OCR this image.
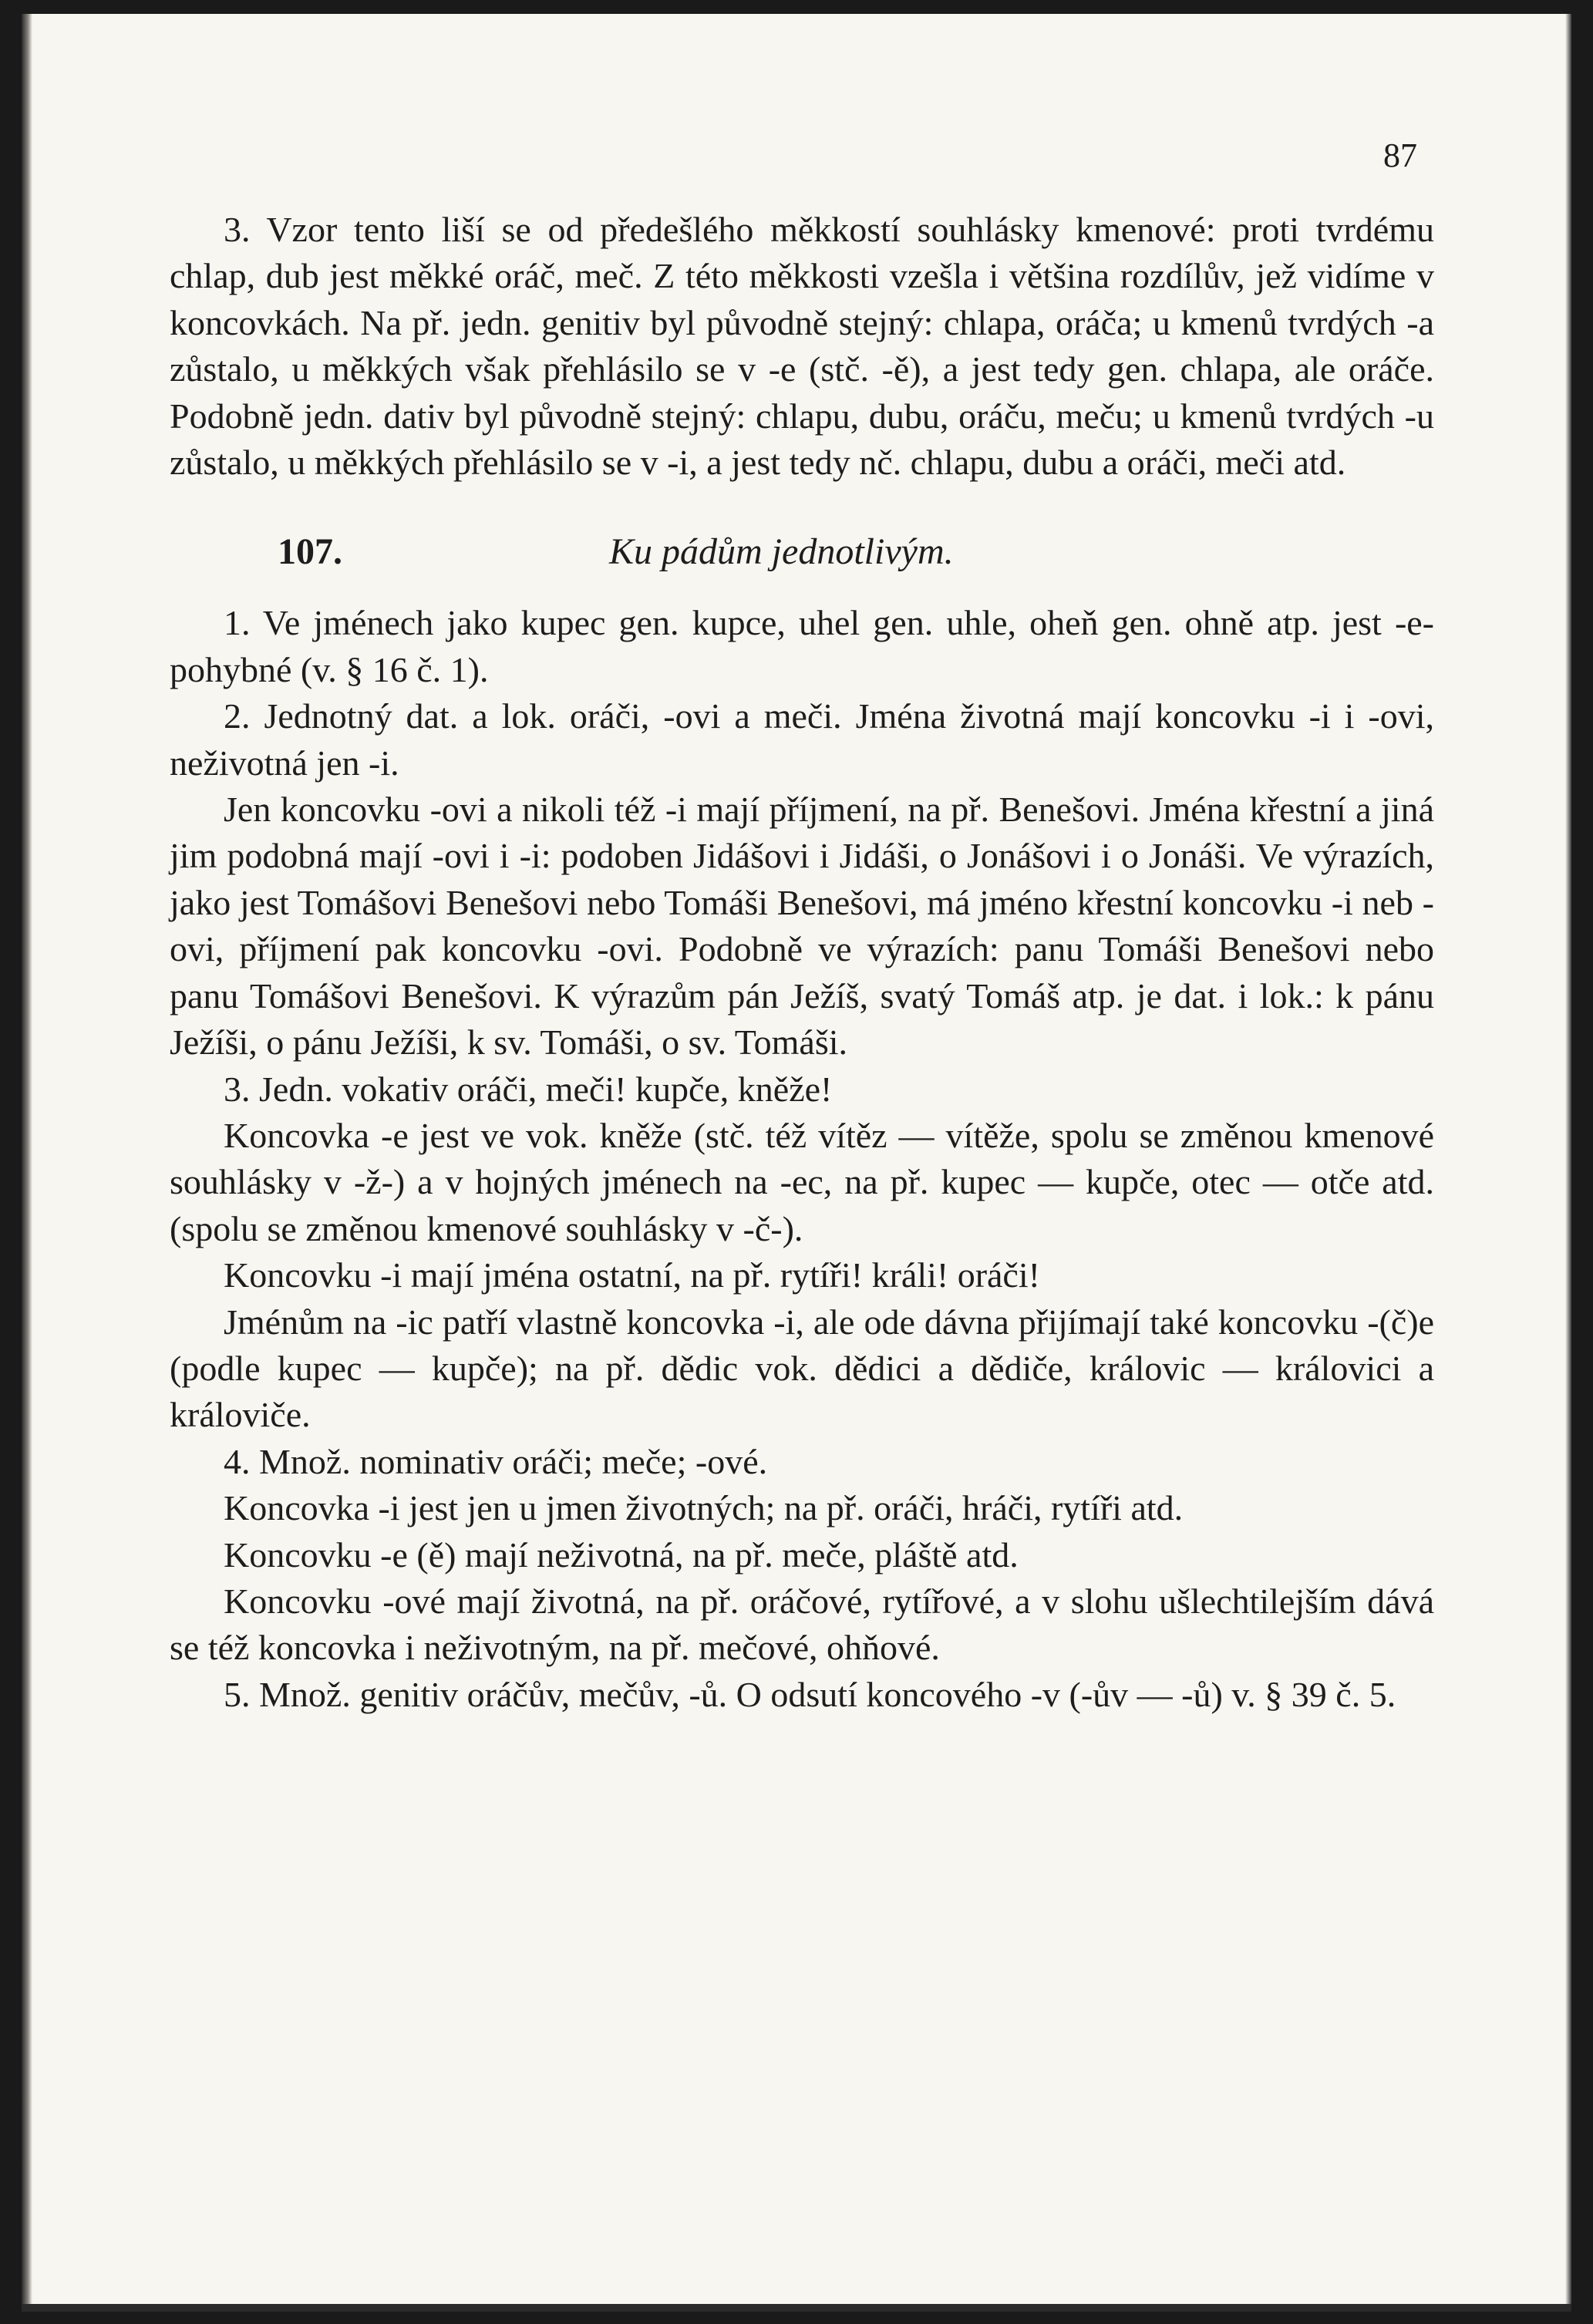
87

3. Vzor tento liší se od předešlého měkkostí souhlásky kmenové: proti tvrdému chlap, dub jest měkké oráč, meč. Z této měkkosti vzešla i většina rozdílův, jež vidíme v koncovkách. Na př. jedn. genitiv byl původně stejný: chlapa, oráča; u kmenů tvrdých -a zůstalo, u měkkých však přehlásilo se v -e (stč. -ě), a jest tedy gen. chlapa, ale oráče. Podobně jedn. dativ byl původně stejný: chlapu, dubu, oráču, meču; u kmenů tvrdých -u zůstalo, u měkkých přehlásilo se v -i, a jest tedy nč. chlapu, dubu a oráči, meči atd.

107.	Ku pádům jednotlivým.

1. Ve jménech jako kupec gen. kupce, uhel gen. uhle, oheň gen. ohně atp. jest -e- pohybné (v. § 16 č. 1).

2. Jednotný dat. a lok. oráči, -ovi a meči. Jména životná mají koncovku -i i -ovi, neživotná jen -i.

Jen koncovku -ovi a nikoli též -i mají příjmení, na př. Benešovi. Jména křestní a jiná jim podobná mají -ovi i -i: podoben Jidášovi i Jidáši, o Jonášovi i o Jonáši. Ve výrazích, jako jest Tomášovi Benešovi nebo Tomáši Benešovi, má jméno křestní koncovku -i neb -ovi, příjmení pak koncovku -ovi. Podobně ve výrazích: panu Tomáši Benešovi nebo panu Tomášovi Benešovi. K výrazům pán Ježíš, svatý Tomáš atp. je dat. i lok.: k pánu Ježíši, o pánu Ježíši, k sv. Tomáši, o sv. Tomáši.

3. Jedn. vokativ oráči, meči! kupče, kněže!

Koncovka -e jest ve vok. kněže (stč. též vítěz — vítěže, spolu se změnou kmenové souhlásky v -ž-) a v hojných jménech na -ec, na př. kupec — kupče, otec — otče atd. (spolu se změnou kmenové souhlásky v -č-).

Koncovku -i mají jména ostatní, na př. rytíři! králi! oráči!

Jménům na -ic patří vlastně koncovka -i, ale ode dávna přijímají také koncovku -(č)e (podle kupec — kupče); na př. dědic vok. dědici a dědiče, královic — královici a královiče.

4. Množ. nominativ oráči; meče; -ové.

Koncovka -i jest jen u jmen životných; na př. oráči, hráči, rytíři atd.

Koncovku -e (ě) mají neživotná, na př. meče, pláště atd.

Koncovku -ové mají životná, na př. oráčové, rytířové, a v slohu ušlechtilejším dává se též koncovka i neživotným, na př. mečové, ohňové.

5. Množ. genitiv oráčův, mečův, -ů. O odsutí koncového -v (-ův — -ů) v. § 39 č. 5.
